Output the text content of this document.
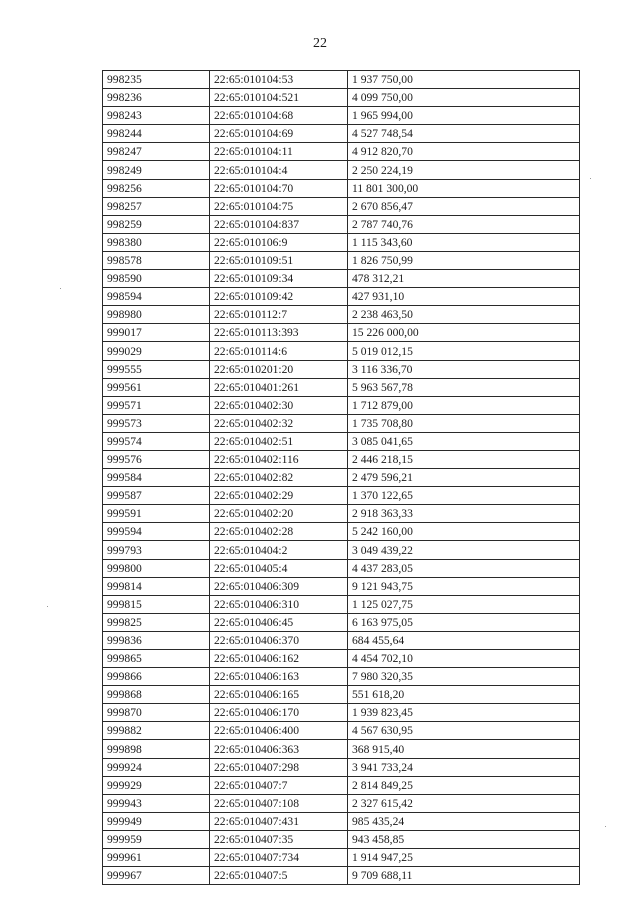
22
998235	22:65:010104:53	1 937 750,00
998236	22:65:010104:521	4 099 750,00
998243	22:65:010104:68	1 965 994,00
998244	22:65:010104:69	4 527 748,54
998247	22:65:010104:11	4 912 820,70
998249	22:65:010104:4	2 250 224,19
998256	22:65:010104:70	11 801 300,00
998257	22:65:010104:75	2 670 856,47
998259	22:65:010104:837	2 787 740,76
998380	22:65:010106:9	1 115 343,60
998578	22:65:010109:51	1 826 750,99
998590	22:65:010109:34	478 312,21
998594	22:65:010109:42	427 931,10
998980	22:65:010112:7	2 238 463,50
999017	22:65:010113:393	15 226 000,00
999029	22:65:010114:6	5 019 012,15
999555	22:65:010201:20	3 116 336,70
999561	22:65:010401:261	5 963 567,78
999571	22:65:010402:30	1 712 879,00
999573	22:65:010402:32	1 735 708,80
999574	22:65:010402:51	3 085 041,65
999576	22:65:010402:116	2 446 218,15
999584	22:65:010402:82	2 479 596,21
999587	22:65:010402:29	1 370 122,65
999591	22:65:010402:20	2 918 363,33
999594	22:65:010402:28	5 242 160,00
999793	22:65:010404:2	3 049 439,22
999800	22:65:010405:4	4 437 283,05
999814	22:65:010406:309	9 121 943,75
999815	22:65:010406:310	1 125 027,75
999825	22:65:010406:45	6 163 975,05
999836	22:65:010406:370	684 455,64
999865	22:65:010406:162	4 454 702,10
999866	22:65:010406:163	7 980 320,35
999868	22:65:010406:165	551 618,20
999870	22:65:010406:170	1 939 823,45
999882	22:65:010406:400	4 567 630,95
999898	22:65:010406:363	368 915,40
999924	22:65:010407:298	3 941 733,24
999929	22:65:010407:7	2 814 849,25
999943	22:65:010407:108	2 327 615,42
999949	22:65:010407:431	985 435,24
999959	22:65:010407:35	943 458,85
999961	22:65:010407:734	1 914 947,25
999967	22:65:010407:5	9 709 688,11
